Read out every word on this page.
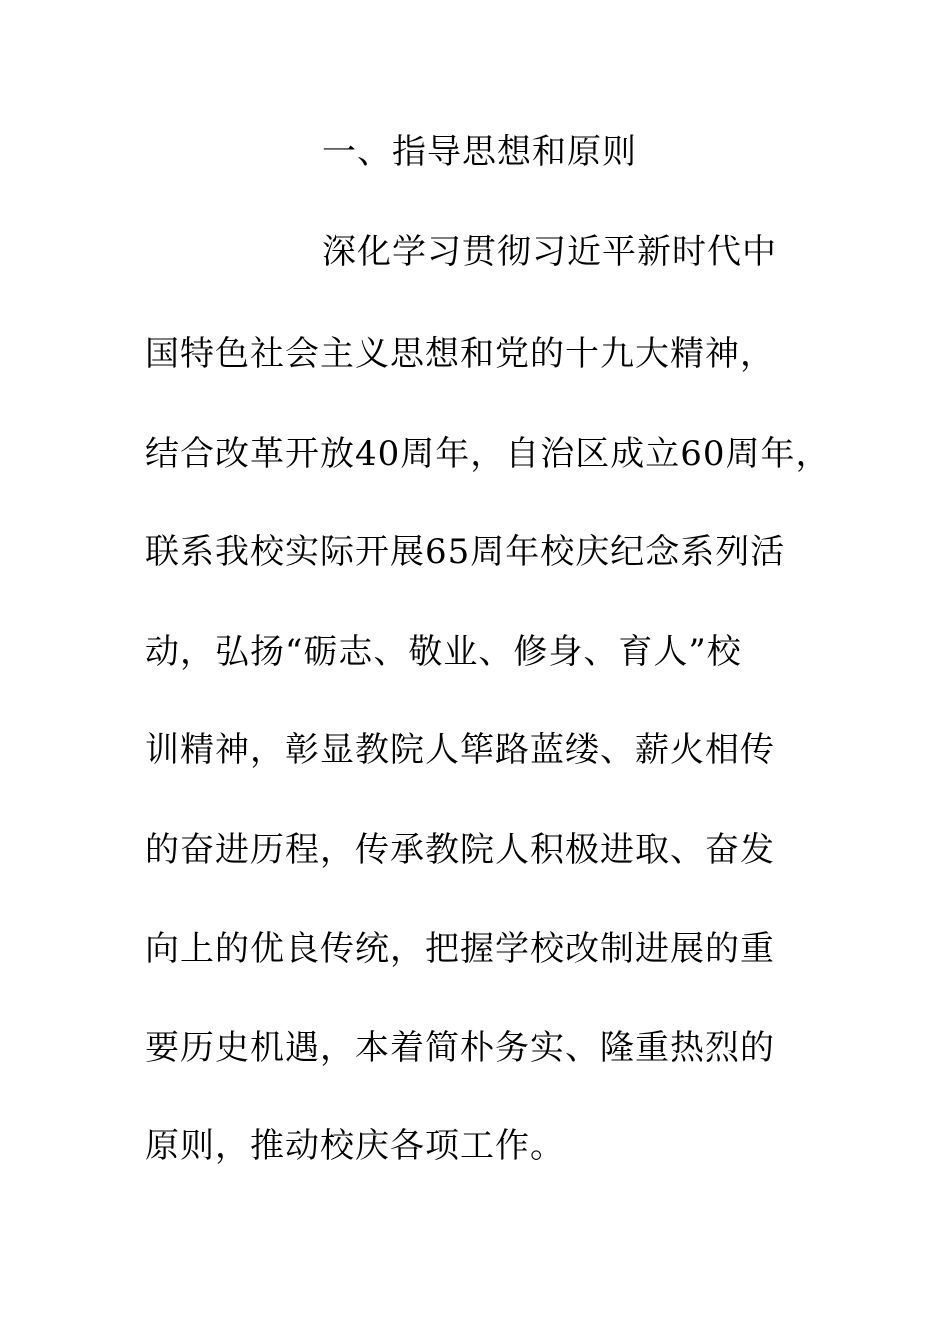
一、指导思想和原则
深化学习贯彻习近平新时代中
国特色社会主义思想和党的十九大精神，
结合改革开放40周年，自治区成立60周年，
联系我校实际开展65周年校庆纪念系列活
动，弘扬“砺志、敬业、修身、育人”校
训精神，彰显教院人筚路蓝缕、薪火相传
的奋进历程，传承教院人积极进取、奋发
向上的优良传统，把握学校改制进展的重
要历史机遇，本着简朴务实、隆重热烈的
原则，推动校庆各项工作。
